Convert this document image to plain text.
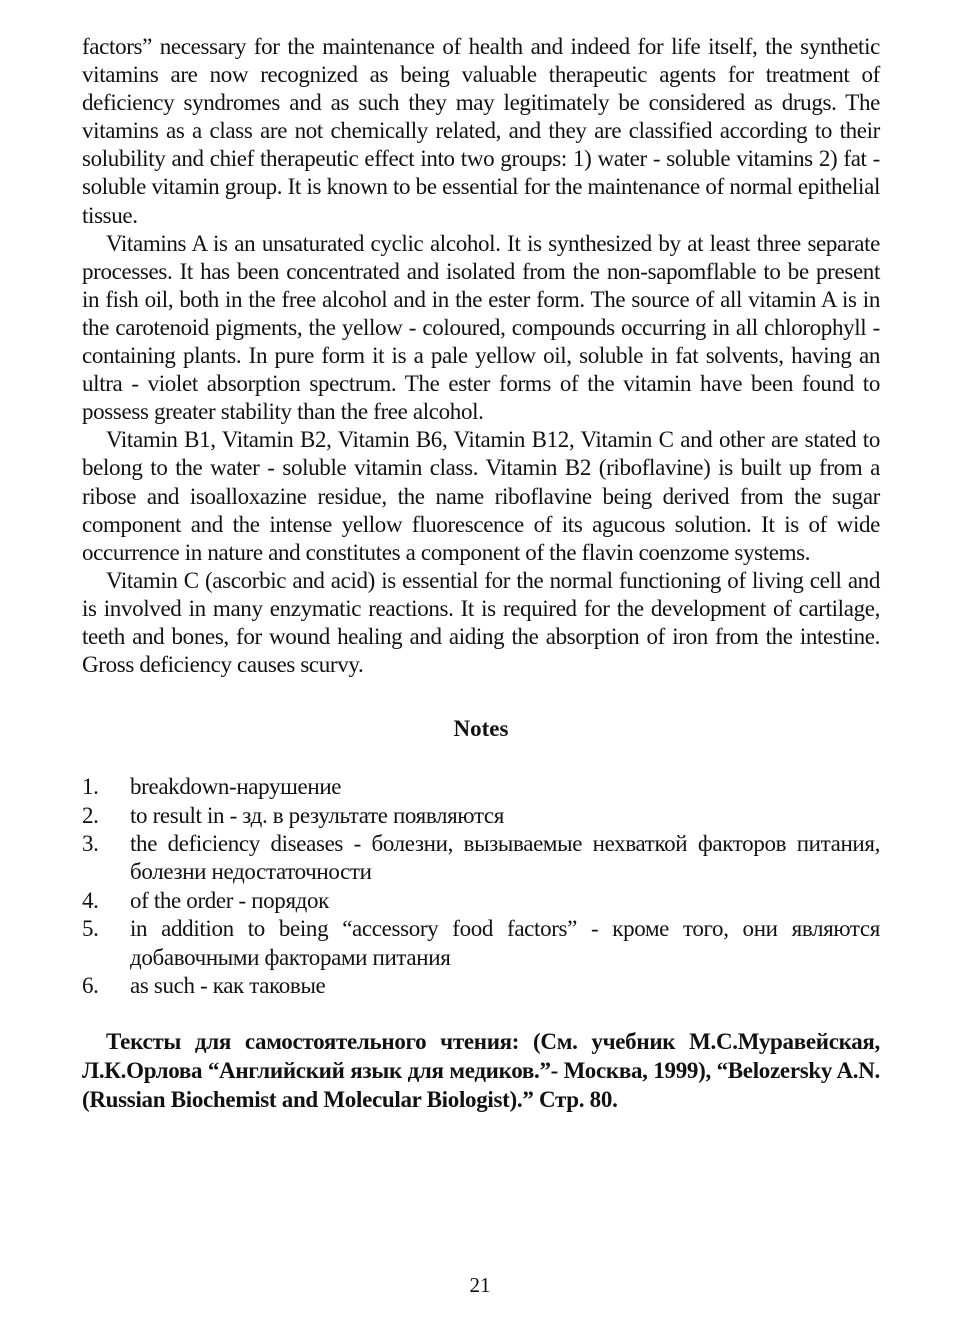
factors” necessary for the maintenance of health and indeed for life itself, the synthetic vitamins are now recognized as being valuable therapeutic agents for treatment of deficiency syndromes and as such they may legitimately be considered as drugs. The vitamins as a class are not chemically related, and they are classified according to their solubility and chief therapeutic effect into two groups: 1) water - soluble vitamins 2) fat - soluble vitamin group. It is known to be essential for the maintenance of normal epithelial tissue.

Vitamins A is an unsaturated cyclic alcohol. It is synthesized by at least three separate processes. It has been concentrated and isolated from the non-sapomflable to be present in fish oil, both in the free alcohol and in the ester form. The source of all vitamin A is in the carotenoid pigments, the yellow - coloured, compounds occurring in all chlorophyll - containing plants. In pure form it is a pale yellow oil, soluble in fat solvents, having an ultra - violet absorption spectrum. The ester forms of the vitamin have been found to possess greater stability than the free alcohol.

Vitamin B1, Vitamin B2, Vitamin B6, Vitamin B12, Vitamin C and other are stated to belong to the water - soluble vitamin class. Vitamin B2 (riboflavine) is built up from a ribose and isoalloxazine residue, the name riboflavine being derived from the sugar component and the intense yellow fluorescence of its agucous solution. It is of wide occurrence in nature and constitutes a component of the flavin coenzome systems.

Vitamin C (ascorbic and acid) is essential for the normal functioning of living cell and is involved in many enzymatic reactions. It is required for the development of cartilage, teeth and bones, for wound healing and aiding the absorption of iron from the intestine. Gross deficiency causes scurvy.

Notes
1.	breakdown-нарушение
2.	to result in - зд. в результате появляются
3.	the deficiency diseases - болезни, вызываемые нехваткой факторов питания, болезни недостаточности
4.	of the order - порядок
5.	in addition to being “accessory food factors” - кроме того, они являются добавочными факторами питания
6.	as such - как таковые

Тексты для самостоятельного чтения: (См. учебник М.С.Муравейская, Л.К.Орлова “Английский язык для медиков.”- Москва, 1999), “Belozersky A.N. (Russian Biochemist and Molecular Biologist).” Стр. 80.

21
